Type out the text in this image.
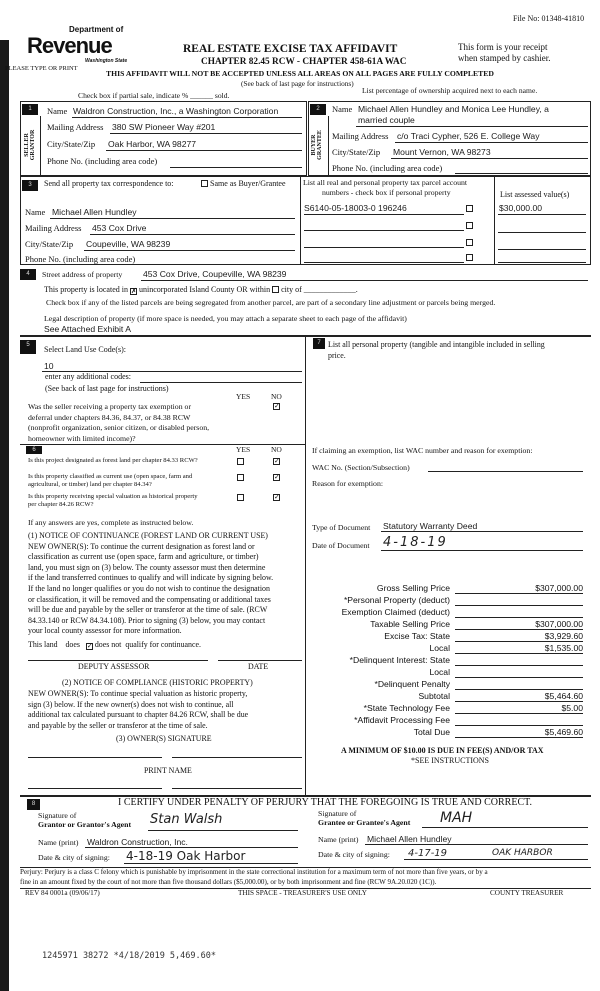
File No: 01348-41810
Department of
Revenue
Washington State
PLEASE TYPE OR PRINT
REAL ESTATE EXCISE TAX AFFIDAVIT
CHAPTER 82.45 RCW - CHAPTER 458-61A WAC
This form is your receipt
when stamped by cashier.
THIS AFFIDAVIT WILL NOT BE ACCEPTED UNLESS ALL AREAS ON ALL PAGES ARE FULLY COMPLETED
(See back of last page for instructions)
Check box if partial sale, indicate % ______ sold.
List percentage of ownership acquired next to each name.
1
SELLER GRANTOR
Name Waldron Construction, Inc., a Washington Corporation
Mailing Address 380 SW Pioneer Way #201
City/State/Zip Oak Harbor, WA 98277
Phone No. (including area code)
2
BUYER GRANTEE
Name Michael Allen Hundley and Monica Lee Hundley, a
married couple
Mailing Address c/o Traci Cypher, 526 E. College Way
City/State/Zip Mount Vernon, WA 98273
Phone No. (including area code)
3	Send all property tax correspondence to:	Same as Buyer/Grantee
Name Michael Allen Hundley
Mailing Address 453 Cox Drive
City/State/Zip Coupeville, WA 98239
Phone No. (including area code)
List all real and personal property tax parcel account
numbers - check box if personal property	List assessed value(s)
S6140-05-18003-0 196246	$30,000.00
4	Street address of property 453 Cox Drive, Coupeville, WA 98239
This property is located in ✗ unincorporated Island County OR within city of _____________.
Check box if any of the listed parcels are being segregated from another parcel, are part of a secondary line adjustment or parcels being merged.
Legal description of property (if more space is needed, you may attach a separate sheet to each page of the affidavit)
See Attached Exhibit A
5	Select Land Use Code(s):
10
enter any additional codes:
(See back of last page for instructions)
YES	NO
Was the seller receiving a property tax exemption or
deferral under chapters 84.36, 84.37, or 84.38 RCW
(nonprofit organization, senior citizen, or disabled person,
homeowner with limited income)?
✓
6	YES	NO
Is this project designated as forest land per chapter 84.33 RCW?	✓
Is this property classified as current use (open space, farm and
agricultural, or timber) land per chapter 84.34?
✓
Is this property receiving special valuation as historical property
per chapter 84.26 RCW?
✓
If any answers are yes, complete as instructed below.
(1) NOTICE OF CONTINUANCE (FOREST LAND OR CURRENT USE)
NEW OWNER(S): To continue the current designation as forest land or
classification as current use (open space, farm and agriculture, or timber)
land, you must sign on (3) below. The county assessor must then determine
if the land transferred continues to qualify and will indicate by signing below.
If the land no longer qualifies or you do not wish to continue the designation
or classification, it will be removed and the compensating or additional taxes
will be due and payable by the seller or transferor at the time of sale. (RCW
84.33.140 or RCW 84.34.108). Prior to signing (3) below, you may contact
your local county assessor for more information.
This land does ✓ does not qualify for continuance.
DEPUTY ASSESSOR	DATE
(2) NOTICE OF COMPLIANCE (HISTORIC PROPERTY)
NEW OWNER(S): To continue special valuation as historic property,
sign (3) below. If the new owner(s) does not wish to continue, all
additional tax calculated pursuant to chapter 84.26 RCW, shall be due
and payable by the seller or transferor at the time of sale.
(3) OWNER(S) SIGNATURE
PRINT NAME
7 List all personal property (tangible and intangible included in selling
price.
If claiming an exemption, list WAC number and reason for exemption:
WAC No. (Section/Subsection)
Reason for exemption:
Type of Document Statutory Warranty Deed
Date of Document 4-18-19
Gross Selling Price	$307,000.00
*Personal Property (deduct)
Exemption Claimed (deduct)
Taxable Selling Price	$307,000.00
Excise Tax: State	$3,929.60
Local	$1,535.00
*Delinquent Interest: State
Local
*Delinquent Penalty
Subtotal	$5,464.60
*State Technology Fee	$5.00
*Affidavit Processing Fee
Total Due	$5,469.60
A MINIMUM OF $10.00 IS DUE IN FEE(S) AND/OR TAX
*SEE INSTRUCTIONS
8	I CERTIFY UNDER PENALTY OF PERJURY THAT THE FOREGOING IS TRUE AND CORRECT.
Signature of
Grantor or Grantor's Agent Stan Walsh
Name (print) Waldron Construction, Inc.
Date & city of signing: 4-18-19 Oak Harbor
Signature of
Grantee or Grantee's Agent MAH
Name (print) Michael Allen Hundley
Date & city of signing: 4-17-19	OAK HARBOR
Perjury: Perjury is a class C felony which is punishable by imprisonment in the state correctional institution for a maximum term of not more than five years, or by a
fine in an amount fixed by the court of not more than five thousand dollars ($5,000.00), or by both imprisonment and fine (RCW 9A.20.020 (1C)).
REV 84 0001a (09/06/17)	THIS SPACE - TREASURER'S USE ONLY	COUNTY TREASURER
1245971 38272 *4/18/2019 5,469.60*
